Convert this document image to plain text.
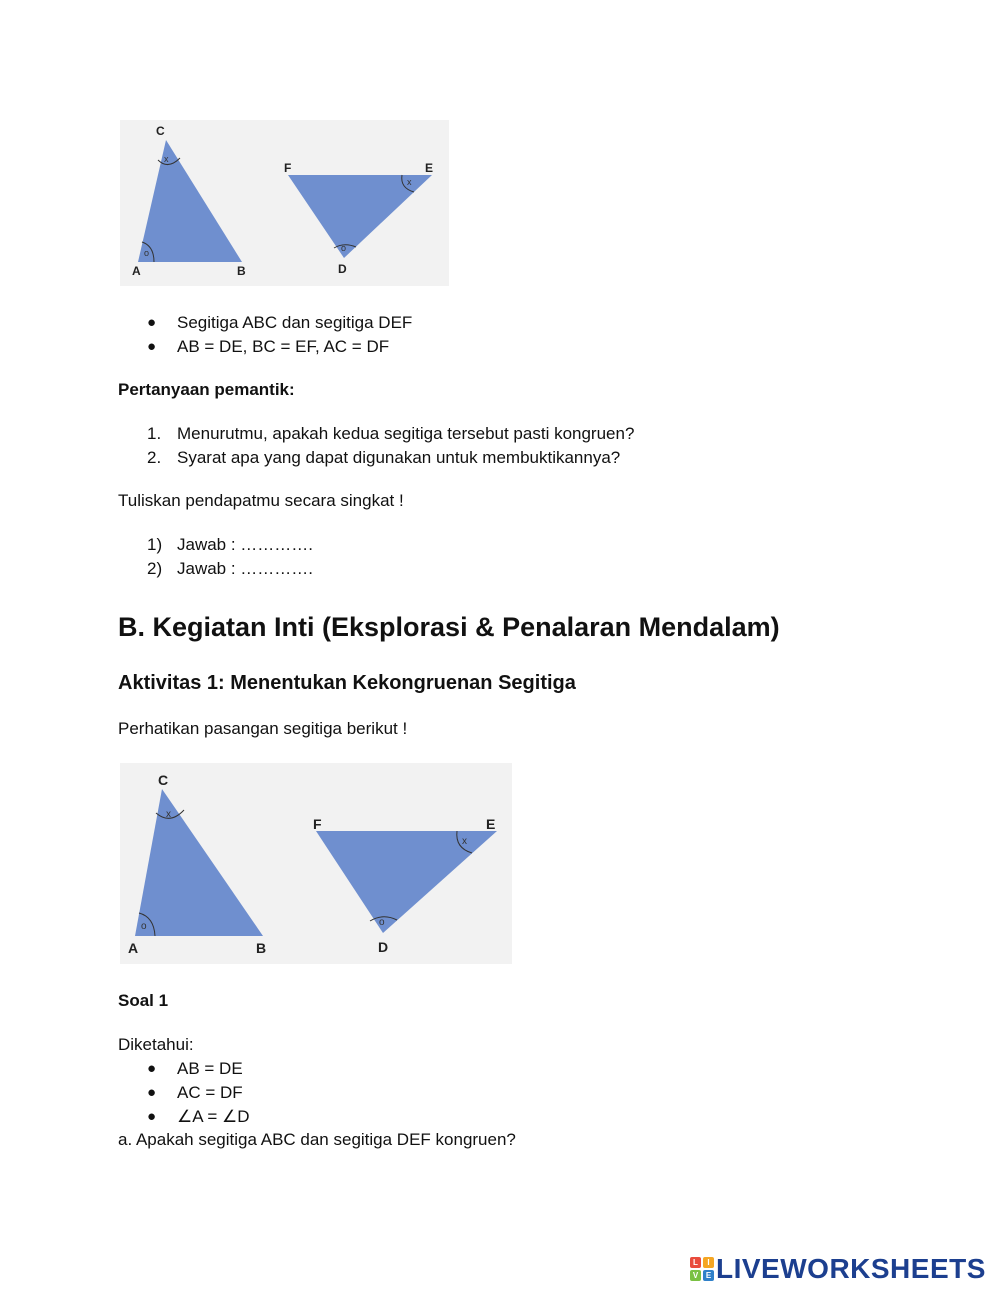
x
o
x
o
C
A	B
F	E
D
● Segitiga ABC dan segitiga DEF
● AB = DE, BC = EF, AC = DF
Pertanyaan pemantik:
1. Menurutmu, apakah kedua segitiga tersebut pasti kongruen?
2. Syarat apa yang dapat digunakan untuk membuktikannya?
Tuliskan pendapatmu secara singkat !
1) Jawab : ………….
2) Jawab : ………….
B. Kegiatan Inti (Eksplorasi & Penalaran Mendalam)
Aktivitas 1: Menentukan Kekongruenan Segitiga
Perhatikan pasangan segitiga berikut !
x
o
x
o
C
A	B
F	E
D
Soal 1
Diketahui:
● AB = DE
● AC = DF
● ∠A = ∠D
a. Apakah segitiga ABC dan segitiga DEF kongruen?
L	I
V E LIVEWORKSHEETS
